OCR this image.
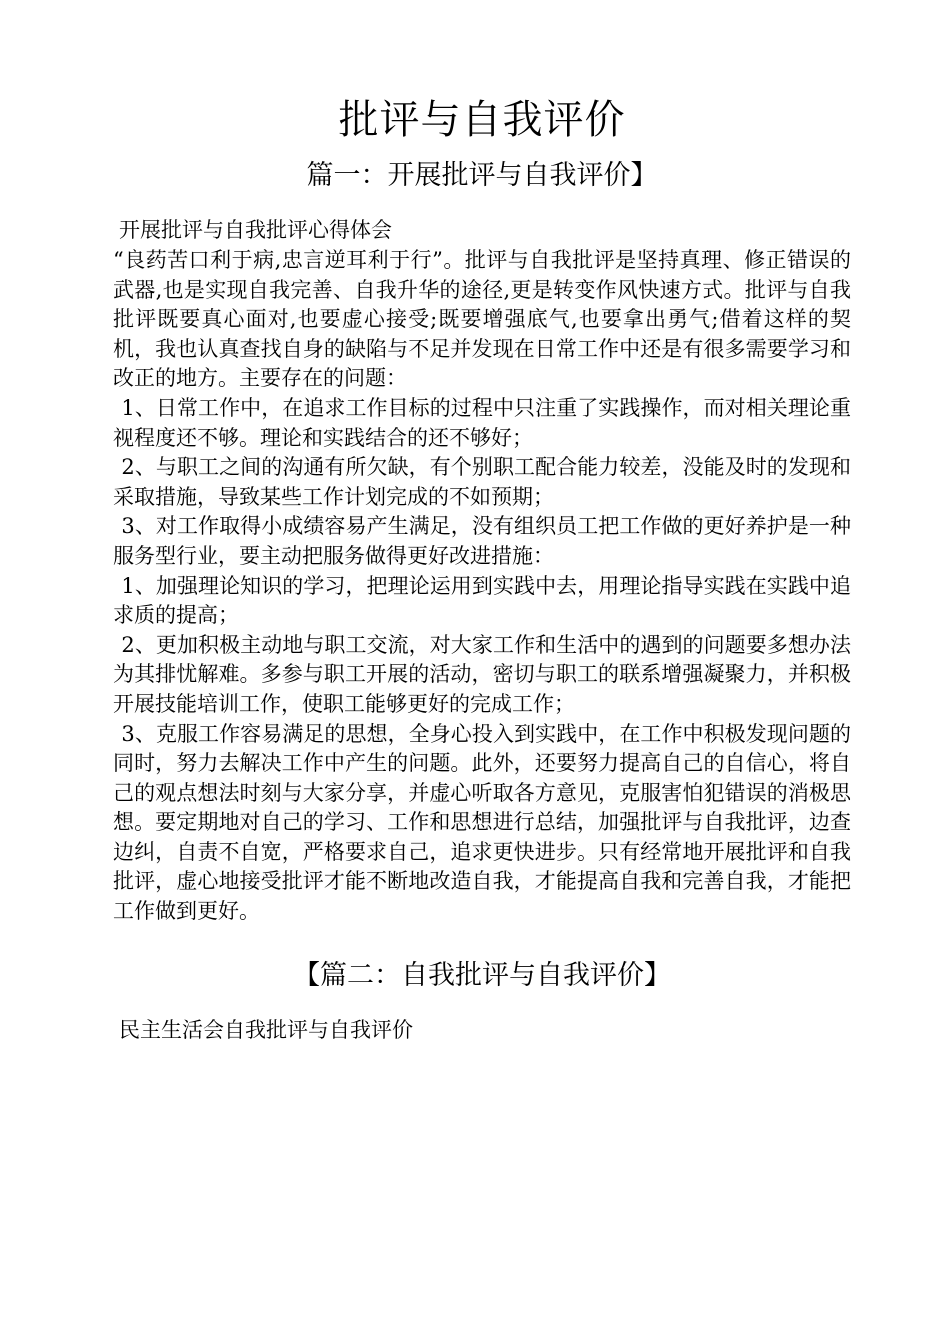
批评与自我评价
篇一：开展批评与自我评价】
开展批评与自我批评心得体会

“良药苦口利于病,忠言逆耳利于行”。批评与自我批评是坚持真理、修正错误的武器,也是实现自我完善、自我升华的途径,更是转变作风快速方式。批评与自我批评既要真心面对,也要虚心接受;既要增强底气,也要拿出勇气;借着这样的契机，我也认真查找自身的缺陷与不足并发现在日常工作中还是有很多需要学习和改正的地方。主要存在的问题：

1、日常工作中，在追求工作目标的过程中只注重了实践操作，而对相关理论重视程度还不够。理论和实践结合的还不够好；

2、与职工之间的沟通有所欠缺，有个别职工配合能力较差，没能及时的发现和采取措施，导致某些工作计划完成的不如预期；

3、对工作取得小成绩容易产生满足，没有组织员工把工作做的更好养护是一种服务型行业，要主动把服务做得更好改进措施：

1、加强理论知识的学习，把理论运用到实践中去，用理论指导实践在实践中追求质的提高；

2、更加积极主动地与职工交流，对大家工作和生活中的遇到的问题要多想办法为其排忧解难。多参与职工开展的活动，密切与职工的联系增强凝聚力，并积极开展技能培训工作，使职工能够更好的完成工作；

3、克服工作容易满足的思想，全身心投入到实践中，在工作中积极发现问题的同时，努力去解决工作中产生的问题。此外，还要努力提高自己的自信心，将自己的观点想法时刻与大家分享，并虚心听取各方意见，克服害怕犯错误的消极思想。要定期地对自己的学习、工作和思想进行总结，加强批评与自我批评，边查边纠，自责不自宽，严格要求自己，追求更快进步。只有经常地开展批评和自我批评，虚心地接受批评才能不断地改造自我，才能提高自我和完善自我，才能把工作做到更好。

【篇二：自我批评与自我评价】
民主生活会自我批评与自我评价
